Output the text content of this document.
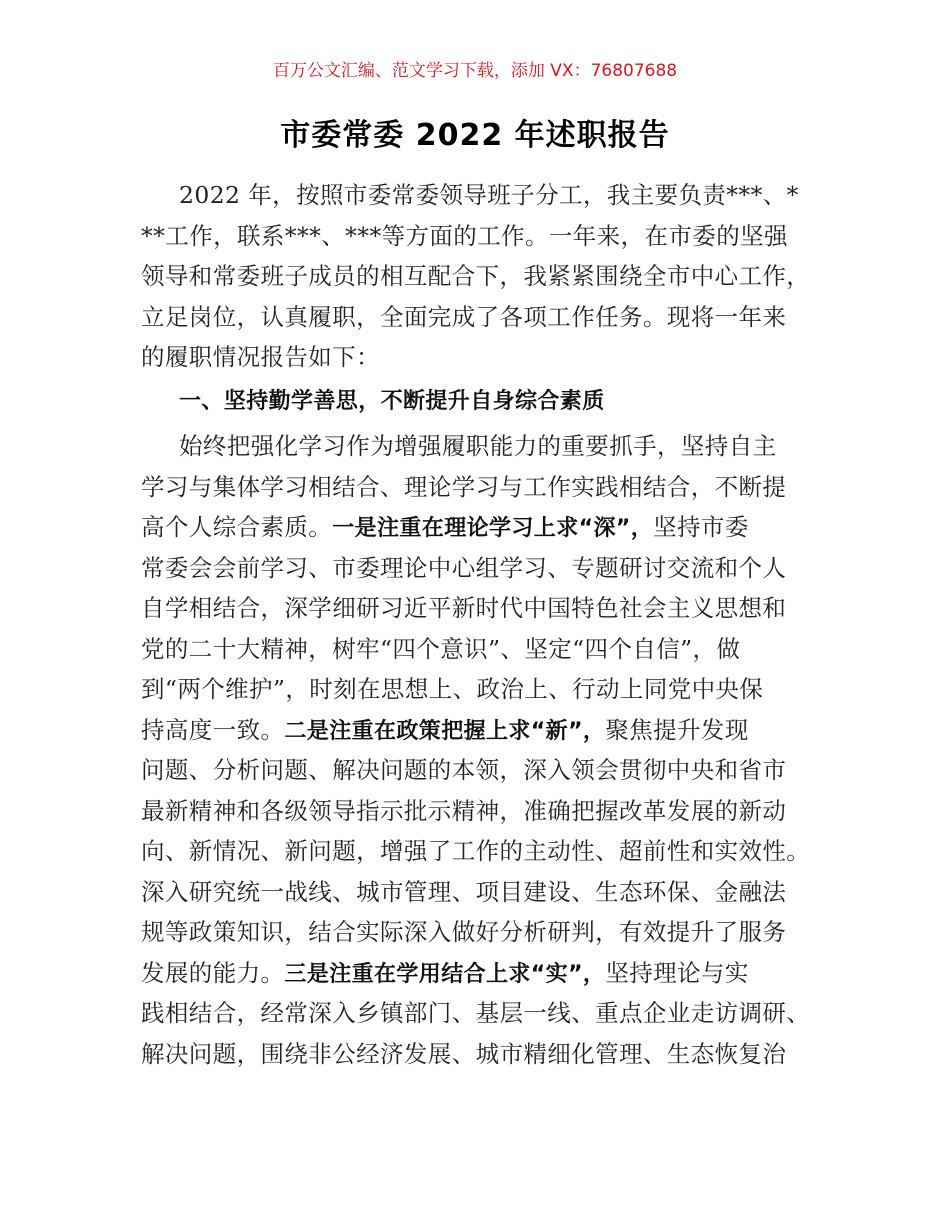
百万公文汇编、范文学习下载，添加 VX：76807688
市委常委 2022 年述职报告
2022 年，按照市委常委领导班子分工，我主要负责***、*
**工作，联系***、***等方面的工作。一年来，在市委的坚强
领导和常委班子成员的相互配合下，我紧紧围绕全市中心工作，
立足岗位，认真履职，全面完成了各项工作任务。现将一年来
的履职情况报告如下：
一、坚持勤学善思，不断提升自身综合素质
始终把强化学习作为增强履职能力的重要抓手，坚持自主
学习与集体学习相结合、理论学习与工作实践相结合，不断提
高个人综合素质。一是注重在理论学习上求“深”，坚持市委
常委会会前学习、市委理论中心组学习、专题研讨交流和个人
自学相结合，深学细研习近平新时代中国特色社会主义思想和
党的二十大精神，树牢“四个意识”、坚定“四个自信”，做
到“两个维护”，时刻在思想上、政治上、行动上同党中央保
持高度一致。二是注重在政策把握上求“新”，聚焦提升发现
问题、分析问题、解决问题的本领，深入领会贯彻中央和省市
最新精神和各级领导指示批示精神，准确把握改革发展的新动
向、新情况、新问题，增强了工作的主动性、超前性和实效性。
深入研究统一战线、城市管理、项目建设、生态环保、金融法
规等政策知识，结合实际深入做好分析研判，有效提升了服务
发展的能力。三是注重在学用结合上求“实”，坚持理论与实
践相结合，经常深入乡镇部门、基层一线、重点企业走访调研、
解决问题，围绕非公经济发展、城市精细化管理、生态恢复治
